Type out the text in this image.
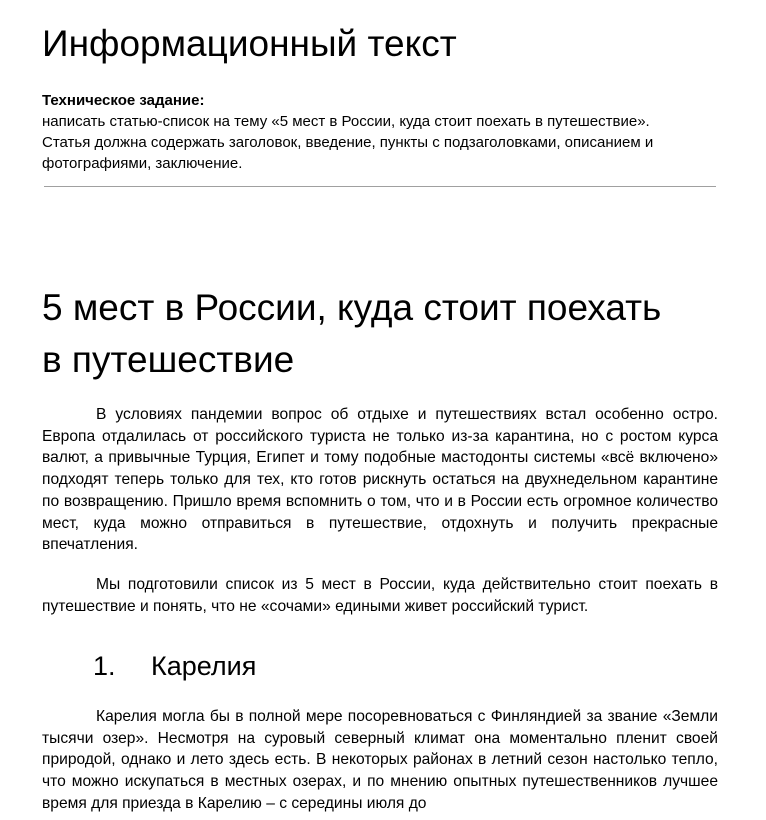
Информационный текст
Техническое задание:
написать статью-список на тему «5 мест в России, куда стоит поехать в путешествие».
Статья должна содержать заголовок, введение, пункты с подзаголовками, описанием и
фотографиями, заключение.
5 мест в России, куда стоит поехать
в путешествие

В условиях пандемии вопрос об отдыхе и путешествиях встал особенно остро. Европа отдалилась от российского туриста не только из-за карантина, но с ростом курса валют, а привычные Турция, Египет и тому подобные мастодонты системы «всё включено» подходят теперь только для тех, кто готов рискнуть остаться на двухнедельном карантине по возвращению. Пришло время вспомнить о том, что и в России есть огромное количество мест, куда можно отправиться в путешествие, отдохнуть и получить прекрасные впечатления.

Мы подготовили список из 5 мест в России, куда действительно стоит поехать в путешествие и понять, что не «сочами» едиными живет российский турист.

1. Карелия

Карелия могла бы в полной мере посоревноваться с Финляндией за звание «Земли тысячи озер». Несмотря на суровый северный климат она моментально пленит своей природой, однако и лето здесь есть. В некоторых районах в летний сезон настолько тепло, что можно искупаться в местных озерах, и по мнению опытных путешественников лучшее время для приезда в Карелию – с середины июля до
